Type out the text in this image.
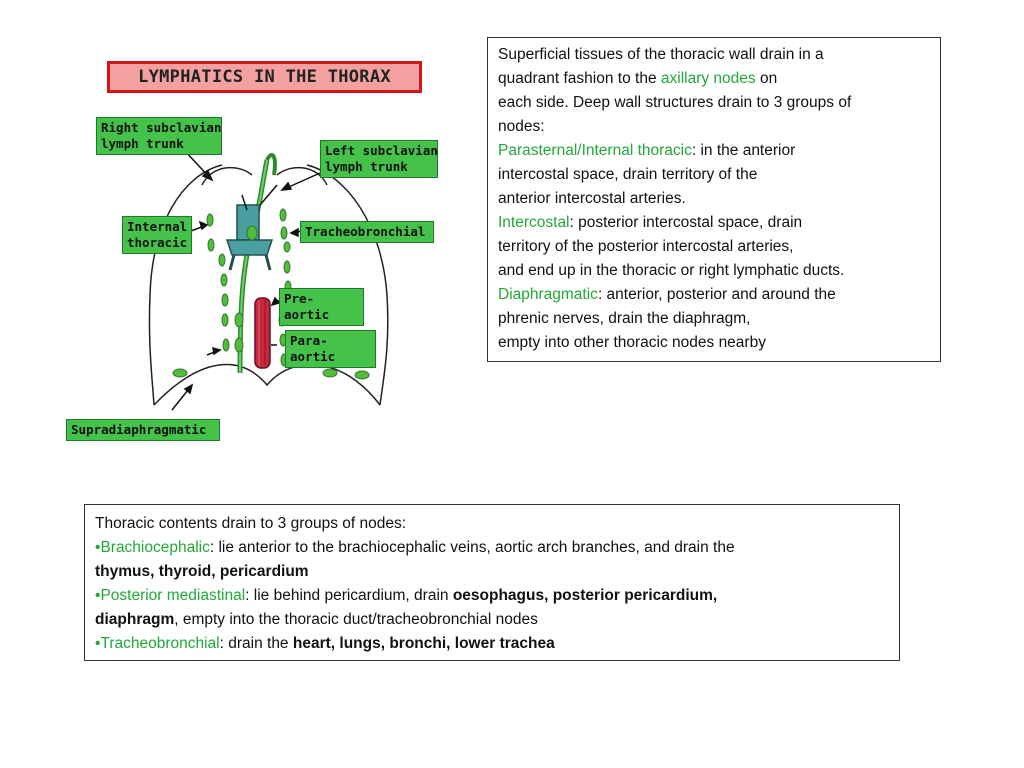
LYMPHATICS IN THE THORAX
Right subclavian
lymph trunk	Left subclavian
lymph trunk
Internal
thoracic
Tracheobronchial
Pre-aortic
Para-aortic
Supradiaphragmatic
Superficial tissues of the thoracic wall drain in a
quadrant fashion to the axillary nodes on
each side. Deep wall structures drain to 3 groups of
nodes:
Parasternal/Internal thoracic: in the anterior
intercostal space, drain territory of the
anterior intercostal arteries.
Intercostal: posterior intercostal space, drain
territory of the posterior intercostal arteries,
and end up in the thoracic or right lymphatic ducts.
Diaphragmatic: anterior, posterior and around the
phrenic nerves, drain the diaphragm,
empty into other thoracic nodes nearby
Thoracic contents drain to 3 groups of nodes:
•Brachiocephalic: lie anterior to the brachiocephalic veins, aortic arch branches, and drain the
thymus, thyroid, pericardium
•Posterior mediastinal: lie behind pericardium, drain oesophagus, posterior pericardium,
diaphragm, empty into the thoracic duct/tracheobronchial nodes
•Tracheobronchial: drain the heart, lungs, bronchi, lower trachea
